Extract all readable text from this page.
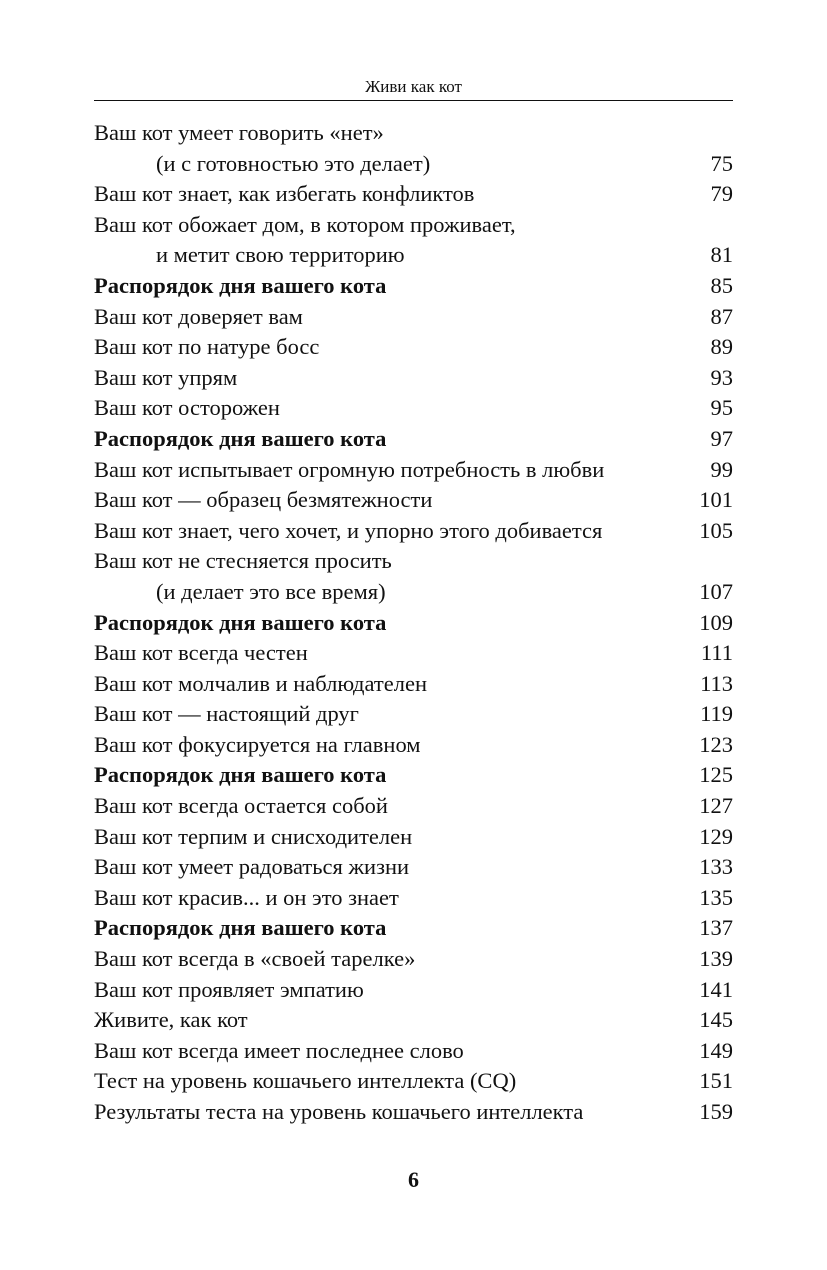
Живи как кот
Ваш кот умеет говорить «нет»
(и с готовностью это делает)	75
Ваш кот знает, как избегать конфликтов	79
Ваш кот обожает дом, в котором проживает,
и метит свою территорию	81
Распорядок дня вашего кота	85
Ваш кот доверяет вам	87
Ваш кот по натуре босс	89
Ваш кот упрям	93
Ваш кот осторожен	95
Распорядок дня вашего кота	97
Ваш кот испытывает огромную потребность в любви	99
Ваш кот — образец безмятежности	101
Ваш кот знает, чего хочет, и упорно этого добивается	105
Ваш кот не стесняется просить
(и делает это все время)	107
Распорядок дня вашего кота	109
Ваш кот всегда честен	111
Ваш кот молчалив и наблюдателен	113
Ваш кот — настоящий друг	119
Ваш кот фокусируется на главном	123
Распорядок дня вашего кота	125
Ваш кот всегда остается собой	127
Ваш кот терпим и снисходителен	129
Ваш кот умеет радоваться жизни	133
Ваш кот красив... и он это знает	135
Распорядок дня вашего кота	137
Ваш кот всегда в «своей тарелке»	139
Ваш кот проявляет эмпатию	141
Живите, как кот	145
Ваш кот всегда имеет последнее слово	149
Тест на уровень кошачьего интеллекта (CQ)	151
Результаты теста на уровень кошачьего интеллекта	159
6
